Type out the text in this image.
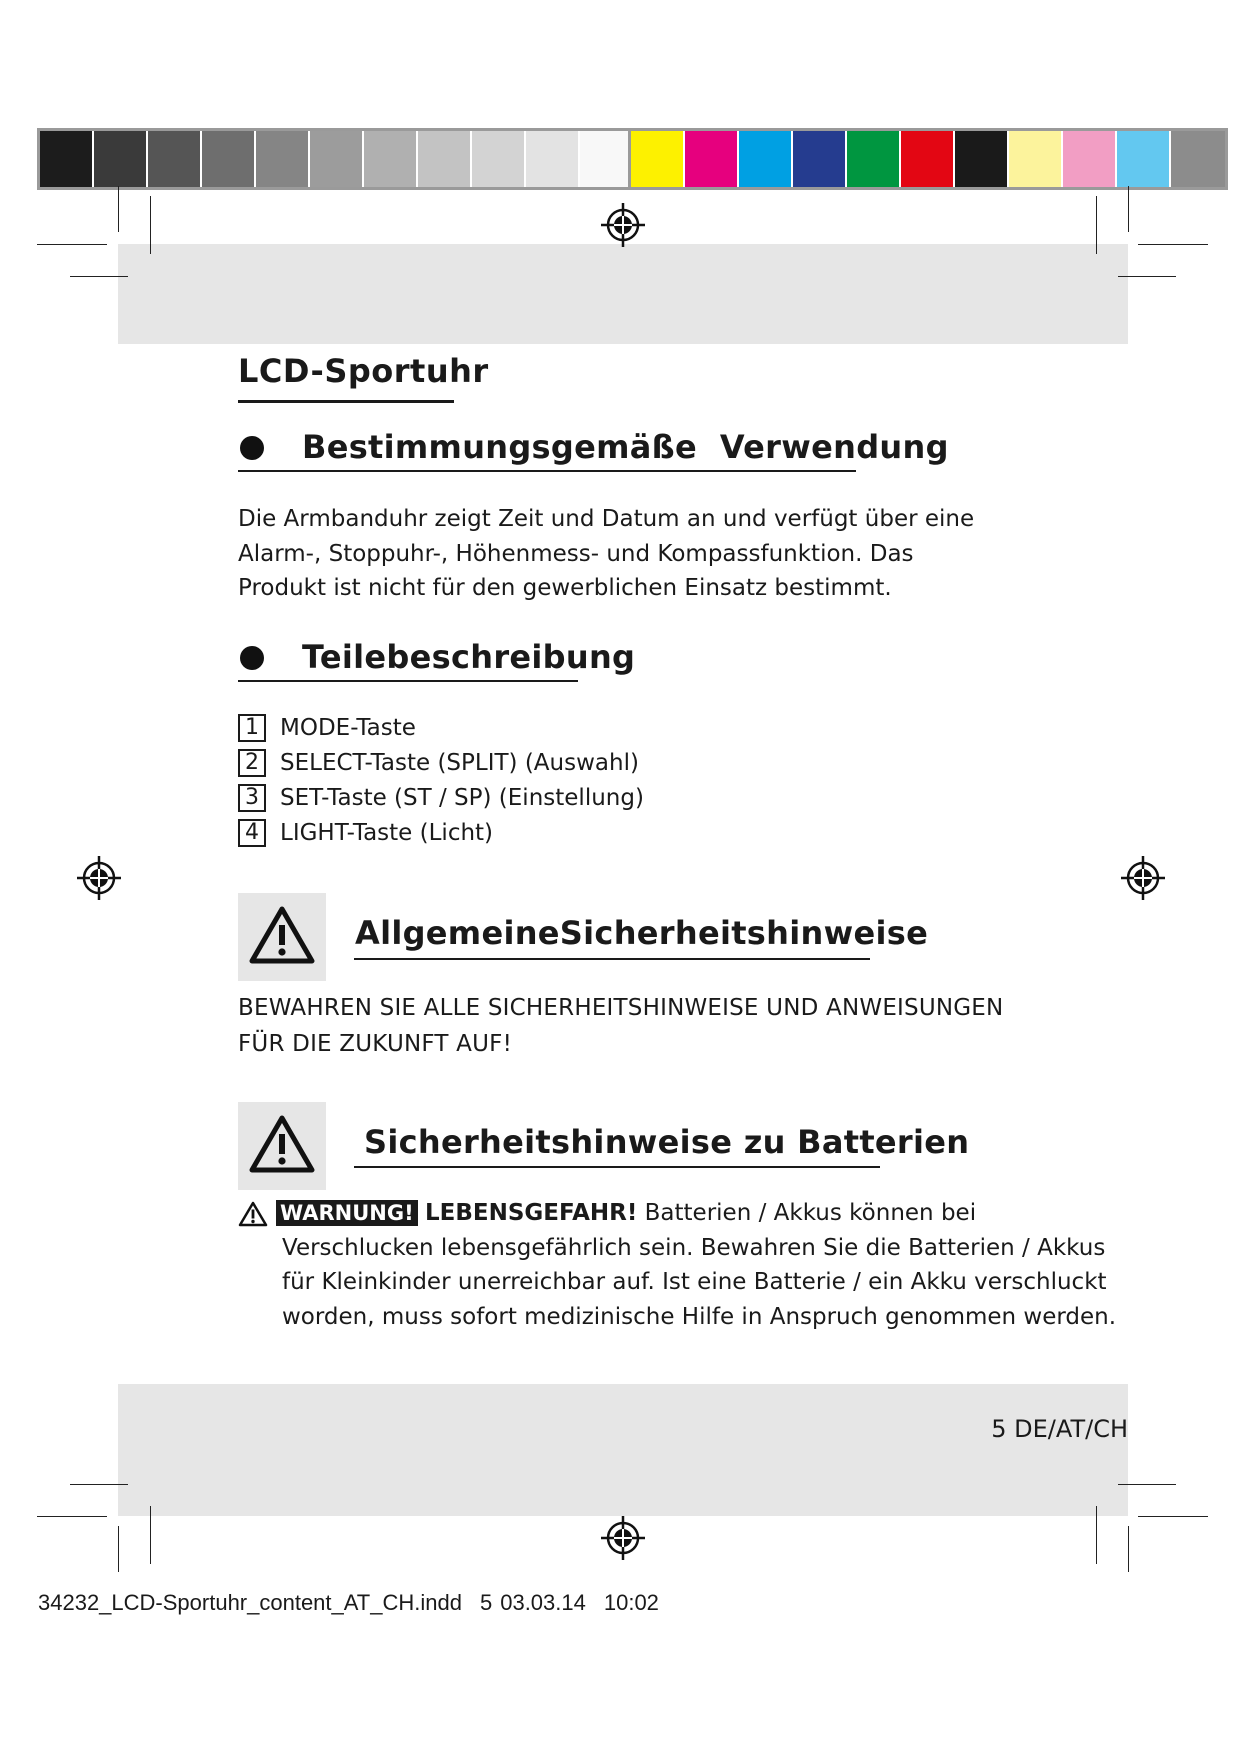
LCD-Sportuhr
Bestimmungsgemäße  Verwendung

Die Armbanduhr zeigt Zeit und Datum an und verfügt über eine Alarm-, Stoppuhr-, Höhenmess- und Kompassfunktion. Das Produkt ist nicht für den gewerblichen Einsatz bestimmt.

Teilebeschreibung
1 MODE-Taste
2 SELECT-Taste (SPLIT) (Auswahl)
3 SET-Taste (ST / SP) (Einstellung)
4 LIGHT-Taste (Licht)
AllgemeineSicherheitshinweise

BEWAHREN SIE ALLE SICHERHEITSHINWEISE UND ANWEISUNGEN

FÜR DIE ZUKUNFT AUF!

Sicherheitshinweise zu Batterien
WARNUNG! LEBENSGEFAHR! Batterien / Akkus können bei
Verschlucken lebensgefährlich sein. Bewahren Sie die Batterien / Akkus
für Kleinkinder unerreichbar auf. Ist eine Batterie / ein Akku verschluckt
worden, muss sofort medizinische Hilfe in Anspruch genommen werden.
5 DE/AT/CH
34232_LCD-Sportuhr_content_AT_CH.indd 5 03.03.14 10:02
